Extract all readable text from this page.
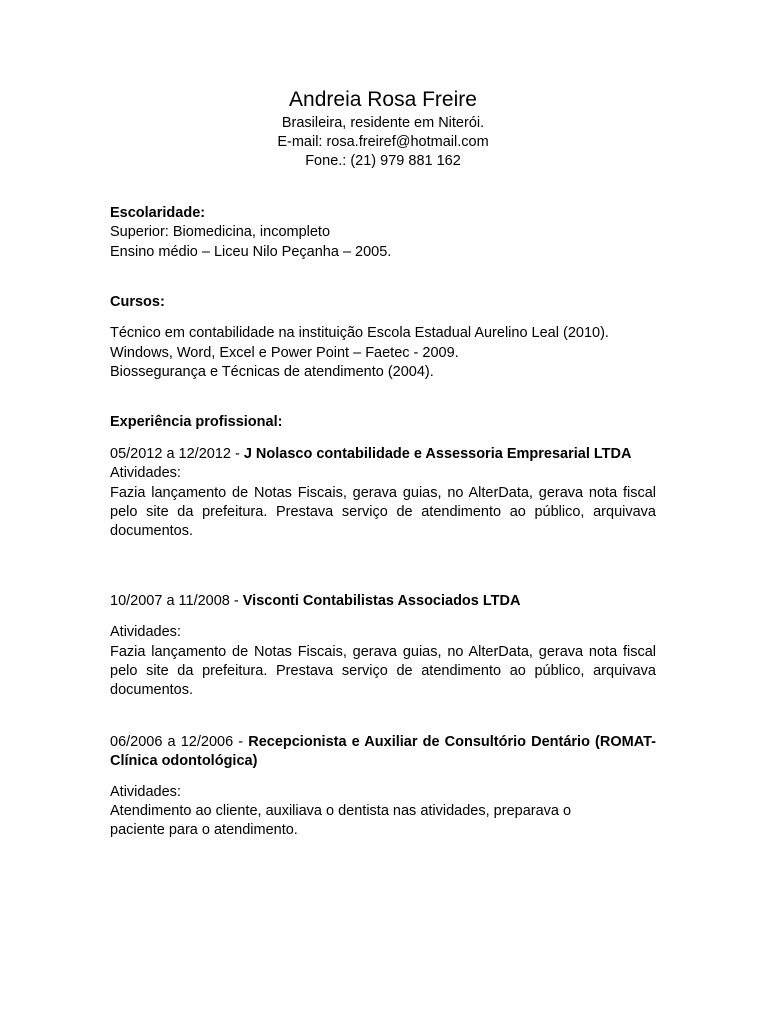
Andreia Rosa Freire
Brasileira, residente em Niterói.
E-mail: rosa.freiref@hotmail.com
Fone.: (21) 979 881 162
Escolaridade:
Superior: Biomedicina, incompleto
Ensino médio – Liceu Nilo Peçanha – 2005.
Cursos:
Técnico em contabilidade na instituição Escola Estadual Aurelino Leal (2010).
Windows, Word, Excel e Power Point – Faetec - 2009.
Biossegurança e Técnicas de atendimento (2004).
Experiência profissional:
05/2012 a 12/2012 - J Nolasco contabilidade e Assessoria Empresarial LTDA
Atividades:
Fazia lançamento de Notas Fiscais, gerava guias, no AlterData, gerava nota fiscal pelo site da prefeitura. Prestava serviço de atendimento ao público, arquivava documentos.
10/2007 a 11/2008 - Visconti Contabilistas Associados LTDA
Atividades:
Fazia lançamento de Notas Fiscais, gerava guias, no AlterData, gerava nota fiscal pelo site da prefeitura. Prestava serviço de atendimento ao público, arquivava documentos.
06/2006 a 12/2006 - Recepcionista e Auxiliar de Consultório Dentário (ROMAT- Clínica odontológica)
Atividades:
Atendimento ao cliente, auxiliava o dentista nas atividades, preparava o
paciente para o atendimento.
